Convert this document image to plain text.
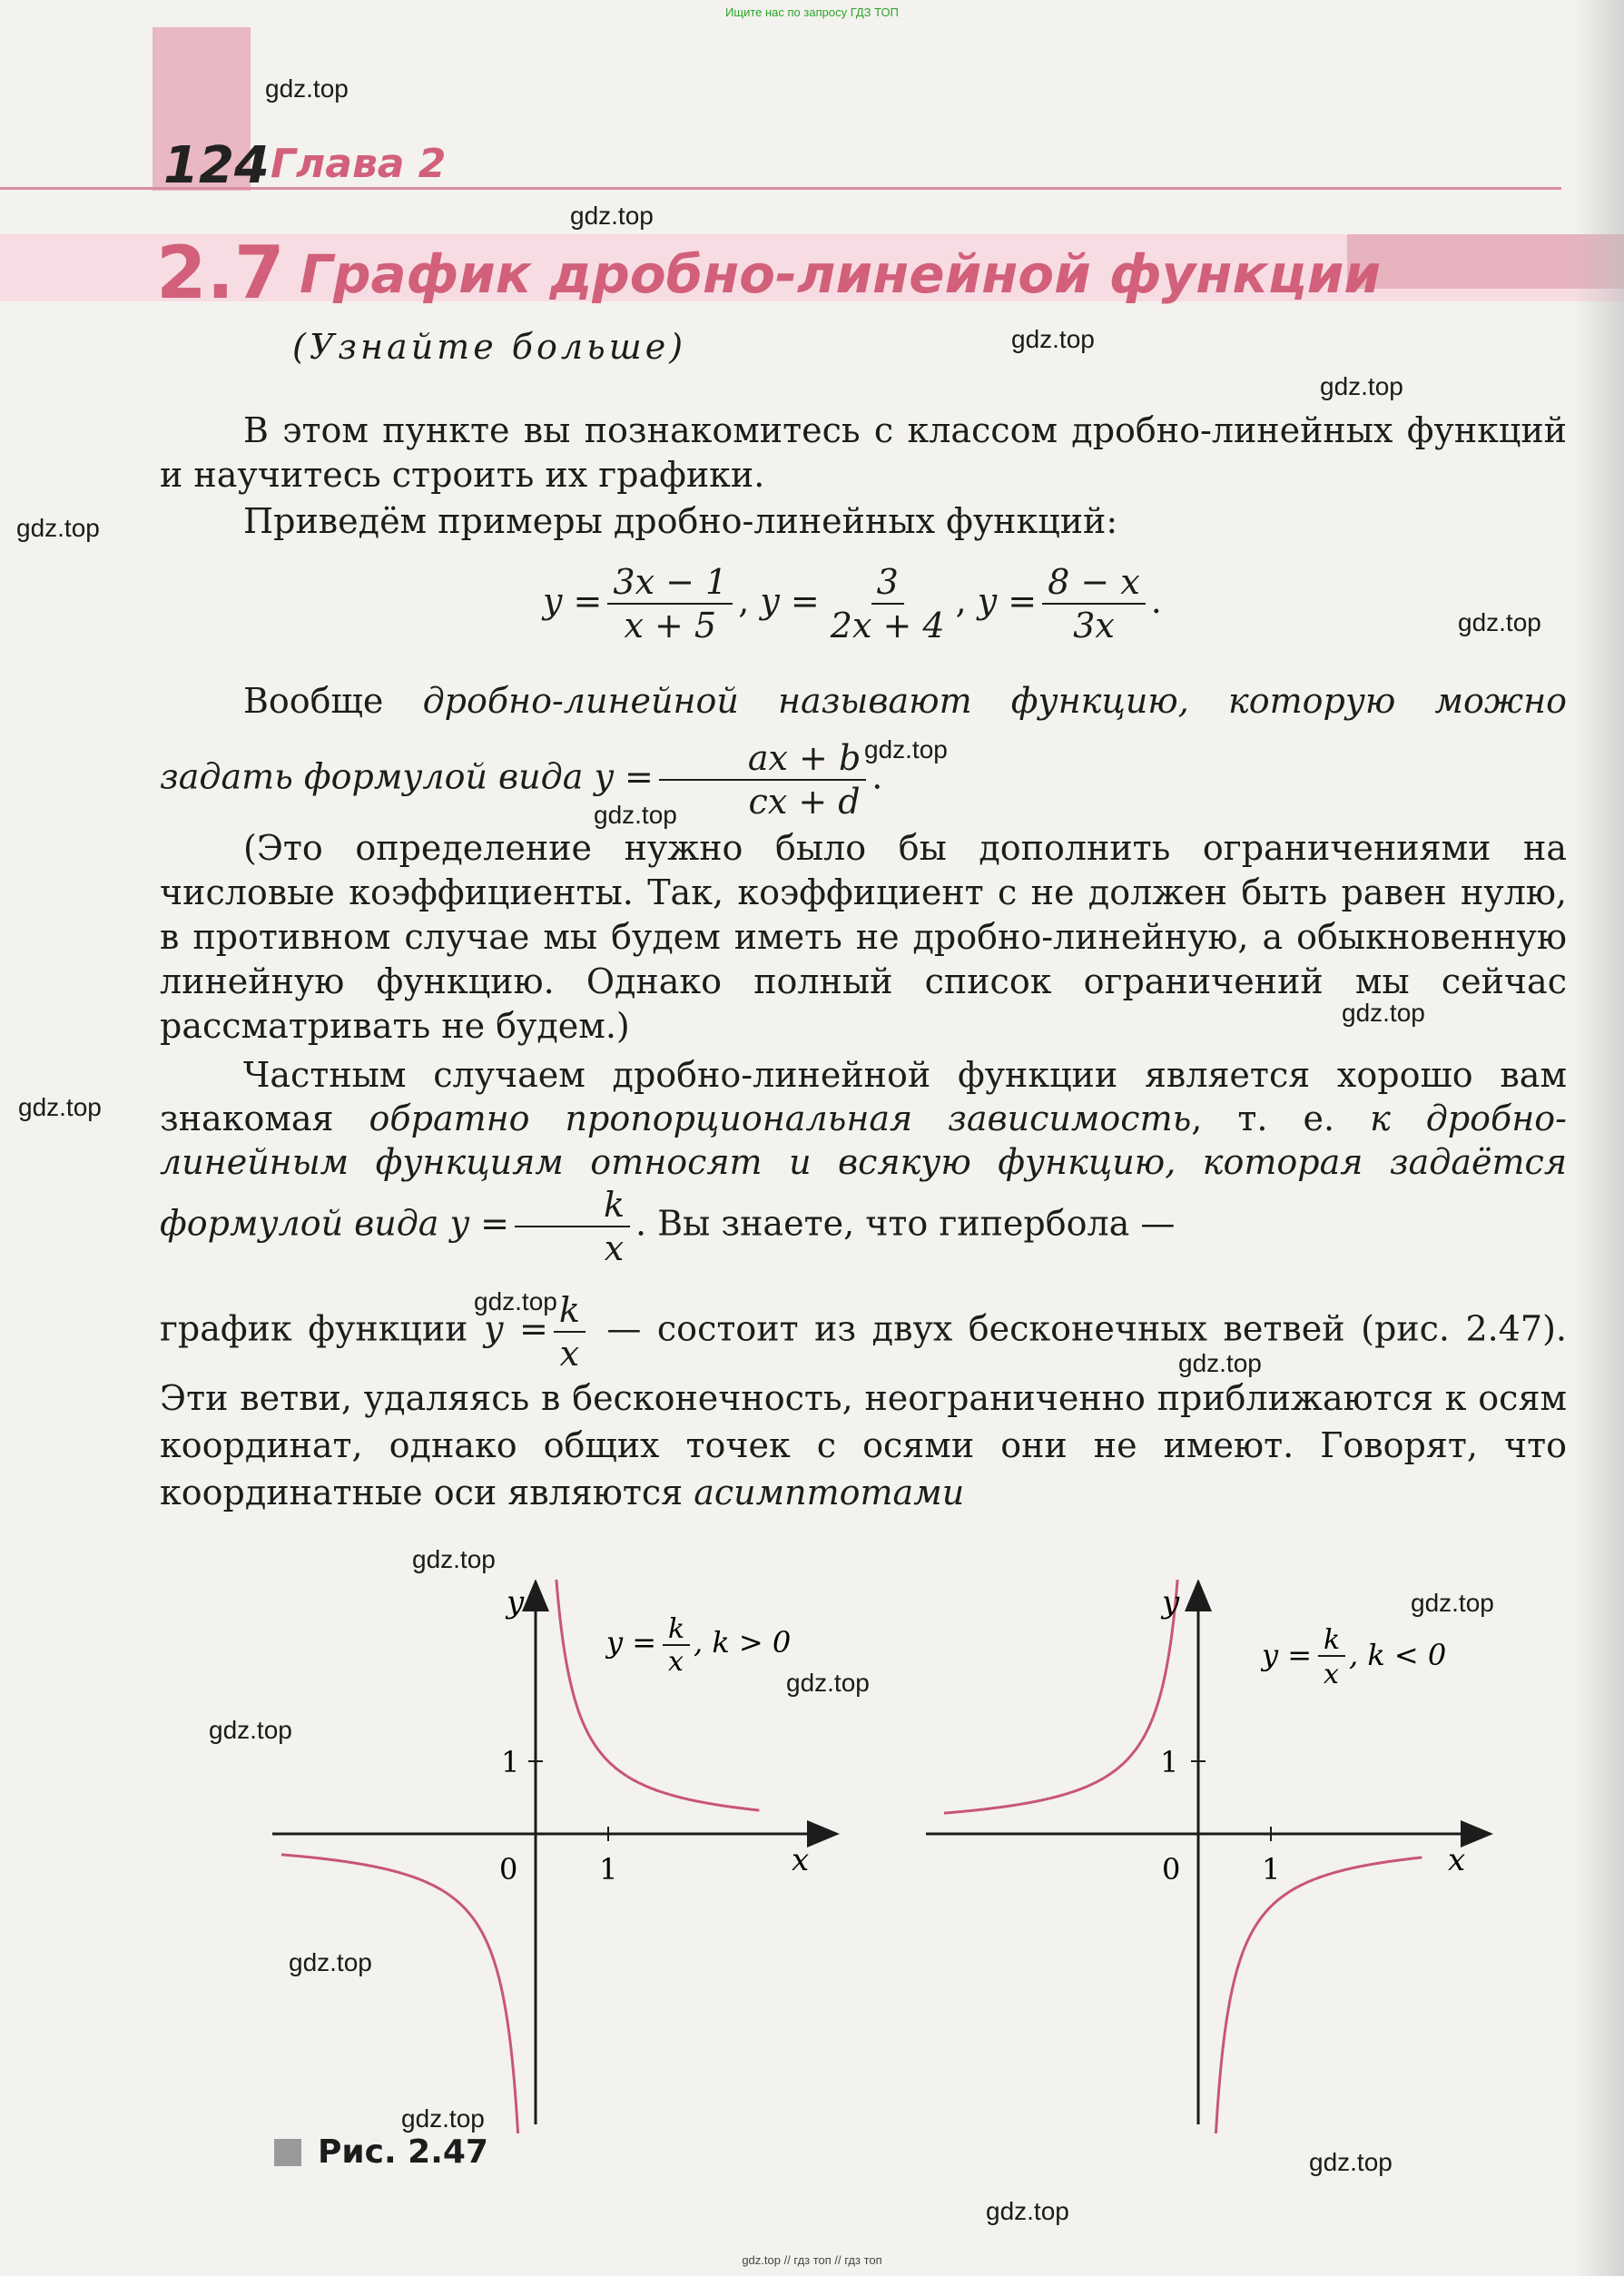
Ищите нас по запросу ГДЗ ТОП
124 Глава 2
2.7 График дробно-линейной функции
(Узнайте больше)
В этом пункте вы познакомитесь с классом дробно-линейных функций и научитесь строить их графики.
Приведём примеры дробно-линейных функций:
$y = \frac{3x - 1}{x + 5}$ , $y = \frac{3}{2x + 4}$ , $y = \frac{8 - x}{3x}$ .
Вообще дробно-линейной называют функцию, которую можно задать формулой вида $y = \frac{ax + b}{cx + d}$ .
(Это определение нужно было бы дополнить ограничениями на числовые коэффициенты. Так, коэффициент c не должен быть равен нулю, в противном случае мы будем иметь не дробно-линейную, а обыкновенную линейную функцию. Однако полный список ограничений мы сейчас рассматривать не будем.)
Частным случаем дробно-линейной функции является хорошо вам знакомая обратно пропорциональная зависимость, т. е. к дробно-линейным функциям относят и всякую функцию, которая задаётся формулой вида $y = \frac{k}{x}$ . Вы знаете, что гипербола —
график функции $y = \frac{k}{x}$ — состоит из двух бесконечных ветвей (рис. 2.47). Эти ветви, удаляясь в бесконечность, неограниченно приближаются к осям координат, однако общих точек с осями они не имеют. Говорят, что координатные оси являются асимптотами
y
x
0	1
1
y = k
x
, k > 0
y
x
0	1
1
y = k
x
, k < 0
Рис. 2.47
gdz.top
gdz.top
gdz.top
gdz.top
gdz.top
gdz.top
gdz.top
gdz.top
gdz.top
gdz.top
gdz.top
gdz.top
gdz.top
gdz.top
gdz.top
gdz.top
gdz.top
gdz.top
gdz.top
gdz.top
gdz.top // гдз топ // гдз топ
